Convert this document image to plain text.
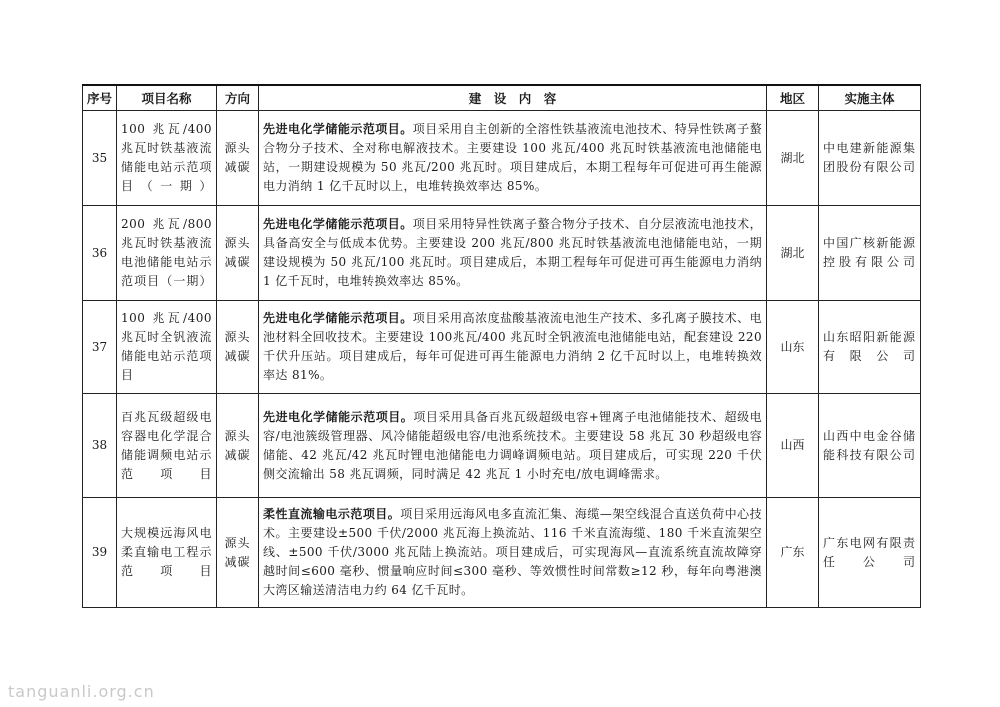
序号	项目名称	方向	建　设　内　容	地区	实施主体
35	100 兆瓦/400兆瓦时铁基液流储能电站示范项目（一期）	源头减碳	先进电化学储能示范项目。项目采用自主创新的全溶性铁基液流电池技术、特异性铁离子螯合物分子技术、全对称电解液技术。主要建设 100 兆瓦/400 兆瓦时铁基液流电池储能电站，一期建设规模为 50 兆瓦/200 兆瓦时。项目建成后，本期工程每年可促进可再生能源电力消纳 1 亿千瓦时以上，电堆转换效率达 85%。	湖北	中电建新能源集团股份有限公司
36	200 兆瓦/800兆瓦时铁基液流电池储能电站示范项目（一期）	源头减碳	先进电化学储能示范项目。项目采用特异性铁离子螯合物分子技术、自分层液流电池技术，具备高安全与低成本优势。主要建设 200 兆瓦/800 兆瓦时铁基液流电池储能电站，一期建设规模为 50 兆瓦/100 兆瓦时。项目建成后，本期工程每年可促进可再生能源电力消纳 1 亿千瓦时，电堆转换效率达 85%。	湖北	中国广核新能源控股有限公司
37	100 兆瓦/400兆瓦时全钒液流储能电站示范项目	源头减碳	先进电化学储能示范项目。项目采用高浓度盐酸基液流电池生产技术、多孔离子膜技术、电池材料全回收技术。主要建设 100兆瓦/400 兆瓦时全钒液流电池储能电站，配套建设 220 千伏升压站。项目建成后，每年可促进可再生能源电力消纳 2 亿千瓦时以上，电堆转换效率达 81%。	山东	山东昭阳新能源有限公司
38	百兆瓦级超级电容器电化学混合储能调频电站示范项目	源头减碳	先进电化学储能示范项目。项目采用具备百兆瓦级超级电容+锂离子电池储能技术、超级电容/电池簇级管理器、风冷储能超级电容/电池系统技术。主要建设 58 兆瓦 30 秒超级电容储能、42 兆瓦/42 兆瓦时锂电池储能电力调峰调频电站。项目建成后，可实现 220 千伏侧交流输出 58 兆瓦调频，同时满足 42 兆瓦 1 小时充电/放电调峰需求。	山西	山西中电金谷储能科技有限公司
39	大规模远海风电柔直输电工程示范项目	源头减碳	柔性直流输电示范项目。项目采用远海风电多直流汇集、海缆—架空线混合直送负荷中心技术。主要建设±500 千伏/2000 兆瓦海上换流站、116 千米直流海缆、180 千米直流架空线、±500 千伏/3000 兆瓦陆上换流站。项目建成后，可实现海风—直流系统直流故障穿越时间≤600 毫秒、惯量响应时间≤300 毫秒、等效惯性时间常数≥12 秒，每年向粤港澳大湾区输送清洁电力约 64 亿千瓦时。	广东	广东电网有限责任公司
tanguanli.org.cn
